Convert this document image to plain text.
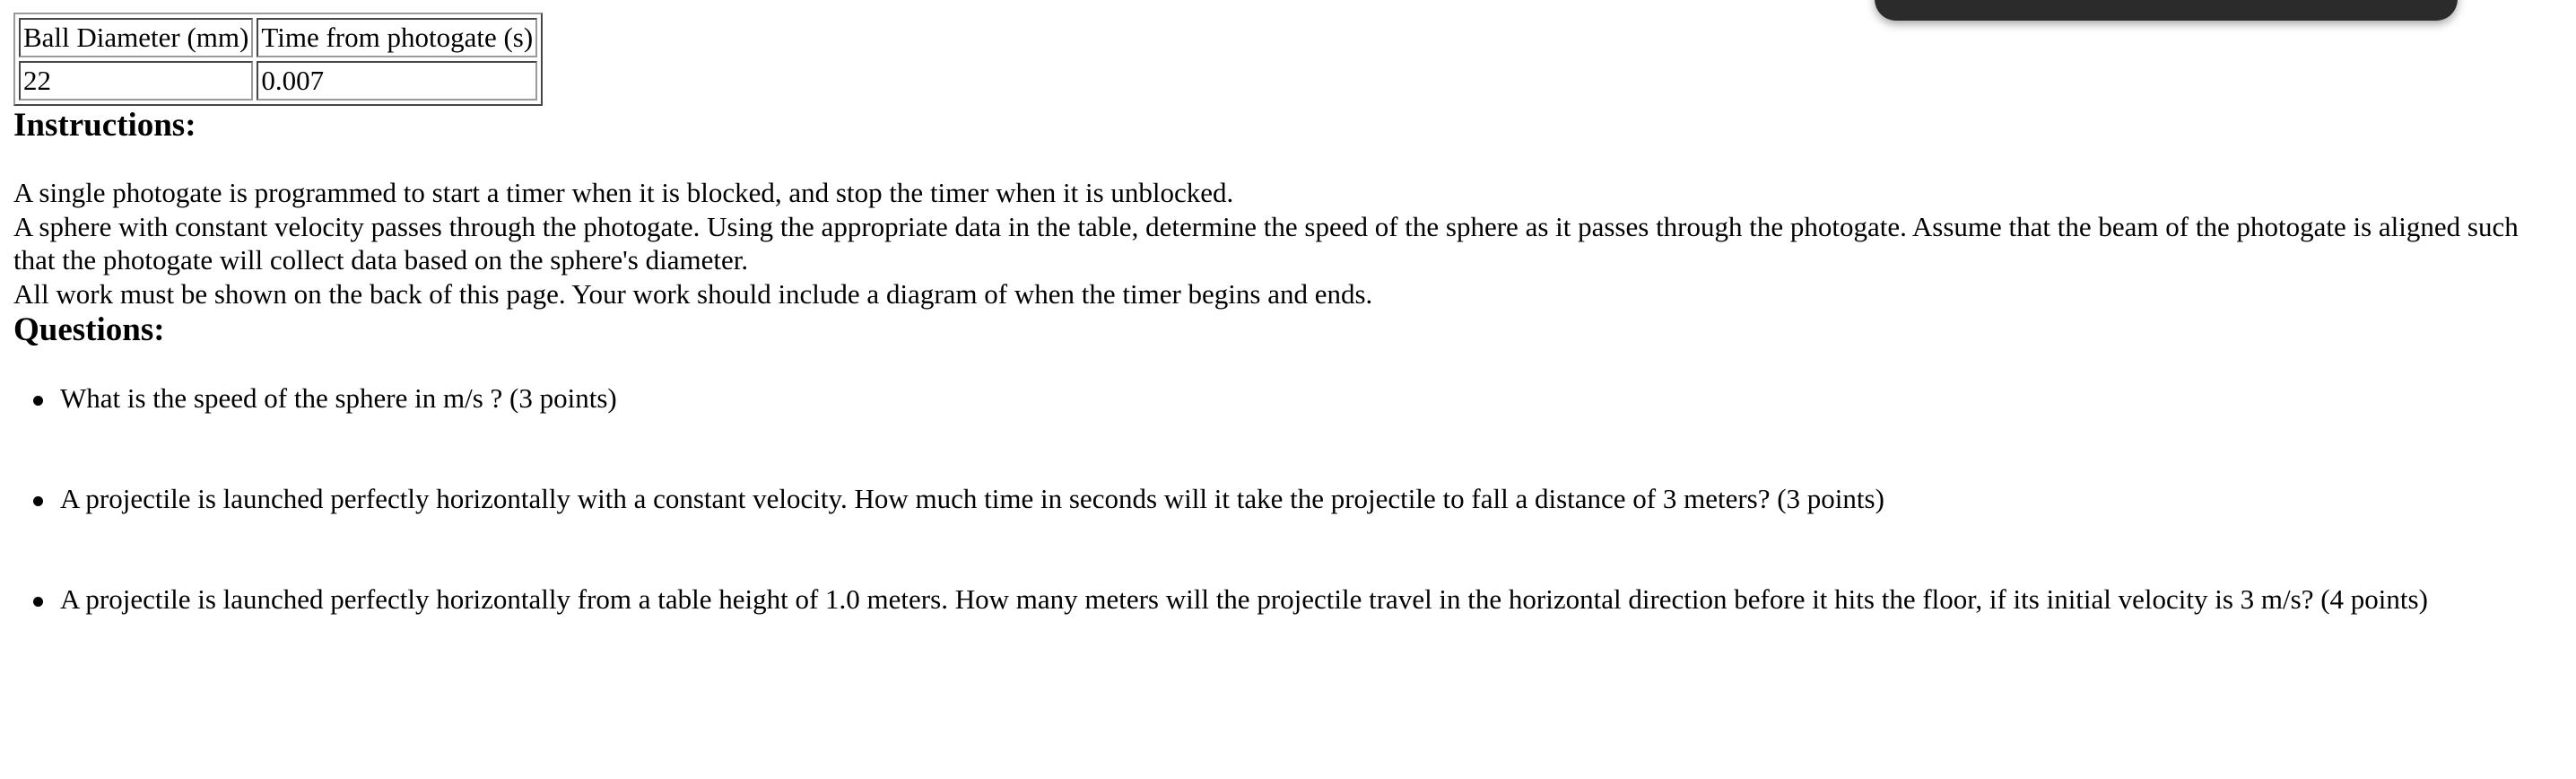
Ball Diameter (mm)	Time from photogate (s)
22	0.007
Instructions:
A single photogate is programmed to start a timer when it is blocked, and stop the timer when it is unblocked.
A sphere with constant velocity passes through the photogate. Using the appropriate data in the table, determine the speed of the sphere as it passes through the photogate. Assume that the beam of the photogate is aligned such that the photogate will collect data based on the sphere's diameter.
All work must be shown on the back of this page. Your work should include a diagram of when the timer begins and ends.
Questions:
What is the speed of the sphere in m/s ? (3 points)
A projectile is launched perfectly horizontally with a constant velocity. How much time in seconds will it take the projectile to fall a distance of 3 meters? (3 points)
A projectile is launched perfectly horizontally from a table height of 1.0 meters. How many meters will the projectile travel in the horizontal direction before it hits the floor, if its initial velocity is 3 m/s? (4 points)
